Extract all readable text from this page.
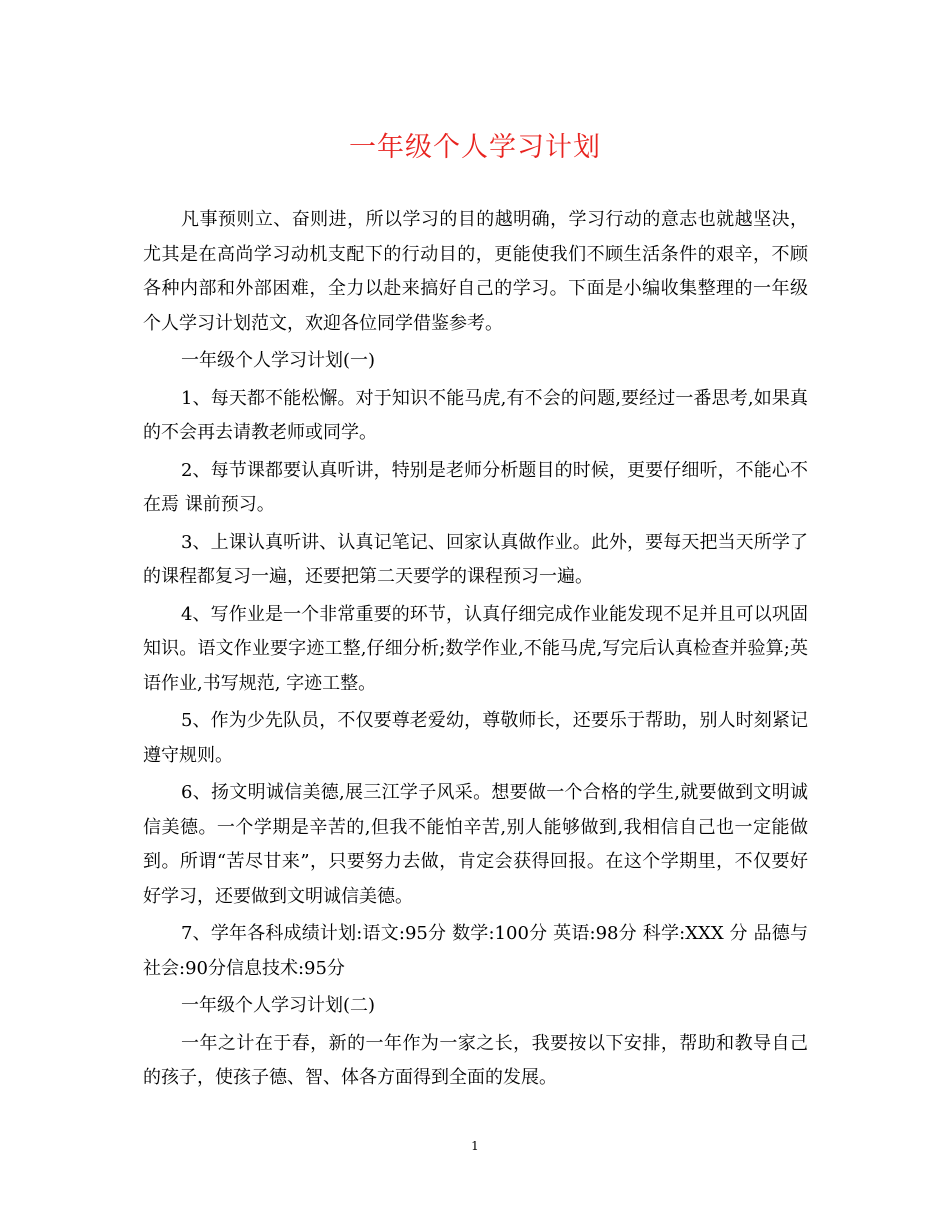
一年级个人学习计划

凡事预则立、奋则进，所以学习的目的越明确，学习行动的意志也就越坚决，尤其是在高尚学习动机支配下的行动目的，更能使我们不顾生活条件的艰辛，不顾各种内部和外部困难，全力以赴来搞好自己的学习。下面是小编收集整理的一年级个人学习计划范文，欢迎各位同学借鉴参考。

一年级个人学习计划(一)

1、每天都不能松懈。对于知识不能马虎,有不会的问题,要经过一番思考,如果真的不会再去请教老师或同学。

2、每节课都要认真听讲，特别是老师分析题目的时候，更要仔细听，不能心不在焉 课前预习。

3、上课认真听讲、认真记笔记、回家认真做作业。此外，要每天把当天所学了的课程都复习一遍，还要把第二天要学的课程预习一遍。

4、写作业是一个非常重要的环节，认真仔细完成作业能发现不足并且可以巩固知识。语文作业要字迹工整,仔细分析;数学作业,不能马虎,写完后认真检查并验算;英语作业,书写规范, 字迹工整。

5、作为少先队员，不仅要尊老爱幼，尊敬师长，还要乐于帮助，别人时刻紧记遵守规则。

6、扬文明诚信美德,展三江学子风采。想要做一个合格的学生,就要做到文明诚信美德。一个学期是辛苦的,但我不能怕辛苦,别人能够做到,我相信自己也一定能做到。所谓“苦尽甘来”，只要努力去做，肯定会获得回报。在这个学期里，不仅要好好学习，还要做到文明诚信美德。

7、学年各科成绩计划:语文:95分 数学:100分 英语:98分 科学:XXX 分 品德与社会:90分信息技术:95分

一年级个人学习计划(二)

一年之计在于春，新的一年作为一家之长，我要按以下安排，帮助和教导自己的孩子，使孩子德、智、体各方面得到全面的发展。

1
